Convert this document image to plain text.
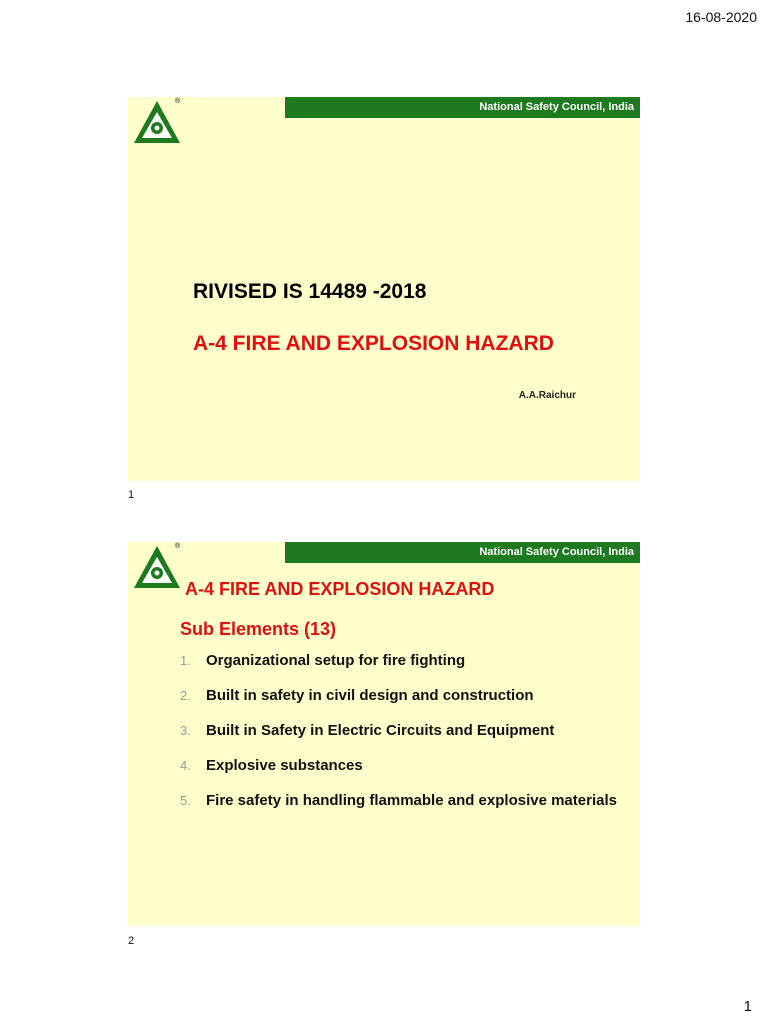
16-08-2020
®	National Safety Council, India
RIVISED IS 14489 -2018
A-4 FIRE AND EXPLOSION HAZARD
A.A.Raichur
1
®	National Safety Council, India
A-4 FIRE AND EXPLOSION HAZARD
Sub Elements (13)
1.	Organizational setup for fire fighting
2.	Built in safety in civil design and construction
3.	Built in Safety in Electric Circuits and Equipment
4.	Explosive substances
5.	Fire safety in handling flammable and explosive materials
2
1
